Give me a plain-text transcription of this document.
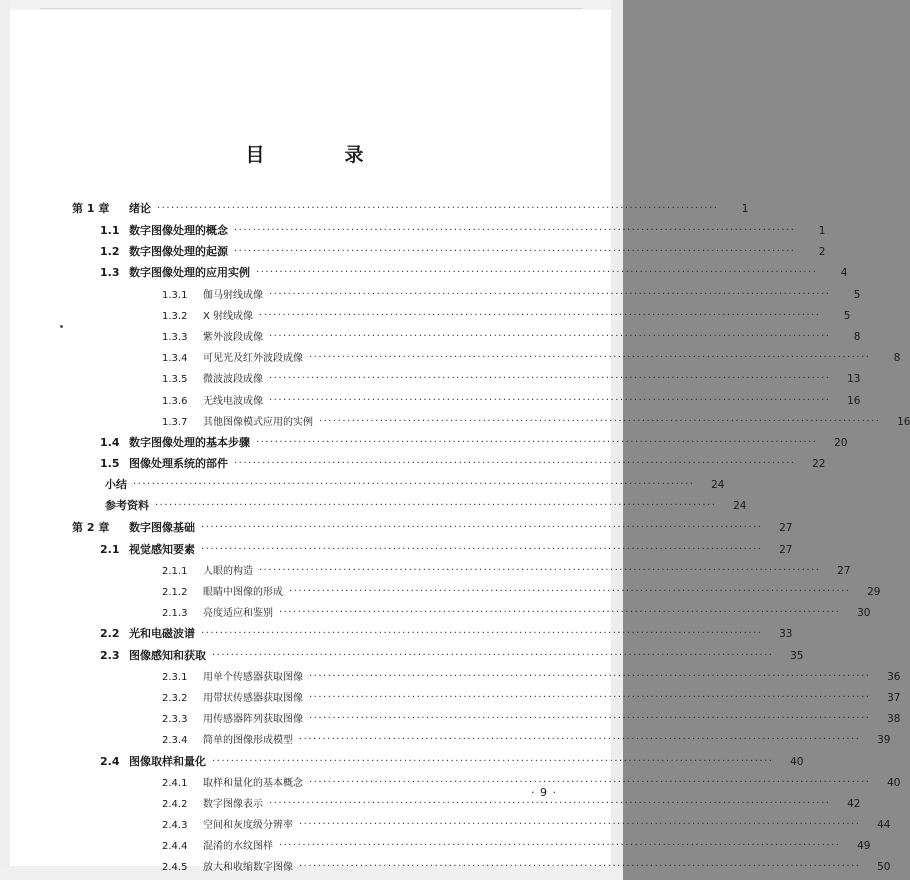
目　　录
第 1 章	绪论 ························································································································	1
1.1 数字图像处理的概念 ························································································································	1
1.2 数字图像处理的起源 ························································································································	2
1.3 数字图像处理的应用实例 ························································································································	4
1.3.1	伽马射线成像 ························································································································	5
1.3.2	X 射线成像 ························································································································	5
1.3.3	紫外波段成像 ························································································································	8
1.3.4	可见光及红外波段成像 ························································································································	8
1.3.5	微波波段成像 ························································································································	13
1.3.6	无线电波成像 ························································································································	16
1.3.7	其他图像模式应用的实例 ························································································································	16
1.4 数字图像处理的基本步骤 ························································································································	20
1.5 图像处理系统的部件 ························································································································	22
小结 ························································································································	24
参考资料 ························································································································	24
第 2 章	数字图像基础 ························································································································	27
2.1 视觉感知要素 ························································································································	27
2.1.1	人眼的构造 ························································································································	27
2.1.2	眼睛中图像的形成 ························································································································	29
2.1.3	亮度适应和鉴别 ························································································································	30
2.2 光和电磁波谱 ························································································································	33
2.3 图像感知和获取 ························································································································	35
2.3.1	用单个传感器获取图像 ························································································································	36
2.3.2	用带状传感器获取图像 ························································································································	37
2.3.3	用传感器阵列获取图像 ························································································································	38
2.3.4	简单的图像形成模型 ························································································································	39
2.4 图像取样和量化 ························································································································	40
2.4.1	取样和量化的基本概念 ························································································································	40
2.4.2	数字图像表示 ························································································································	42
2.4.3	空间和灰度级分辨率 ························································································································	44
2.4.4	混淆的水纹图样 ························································································································	49
2.4.5	放大和收缩数字图像 ························································································································	50
· 9 ·
